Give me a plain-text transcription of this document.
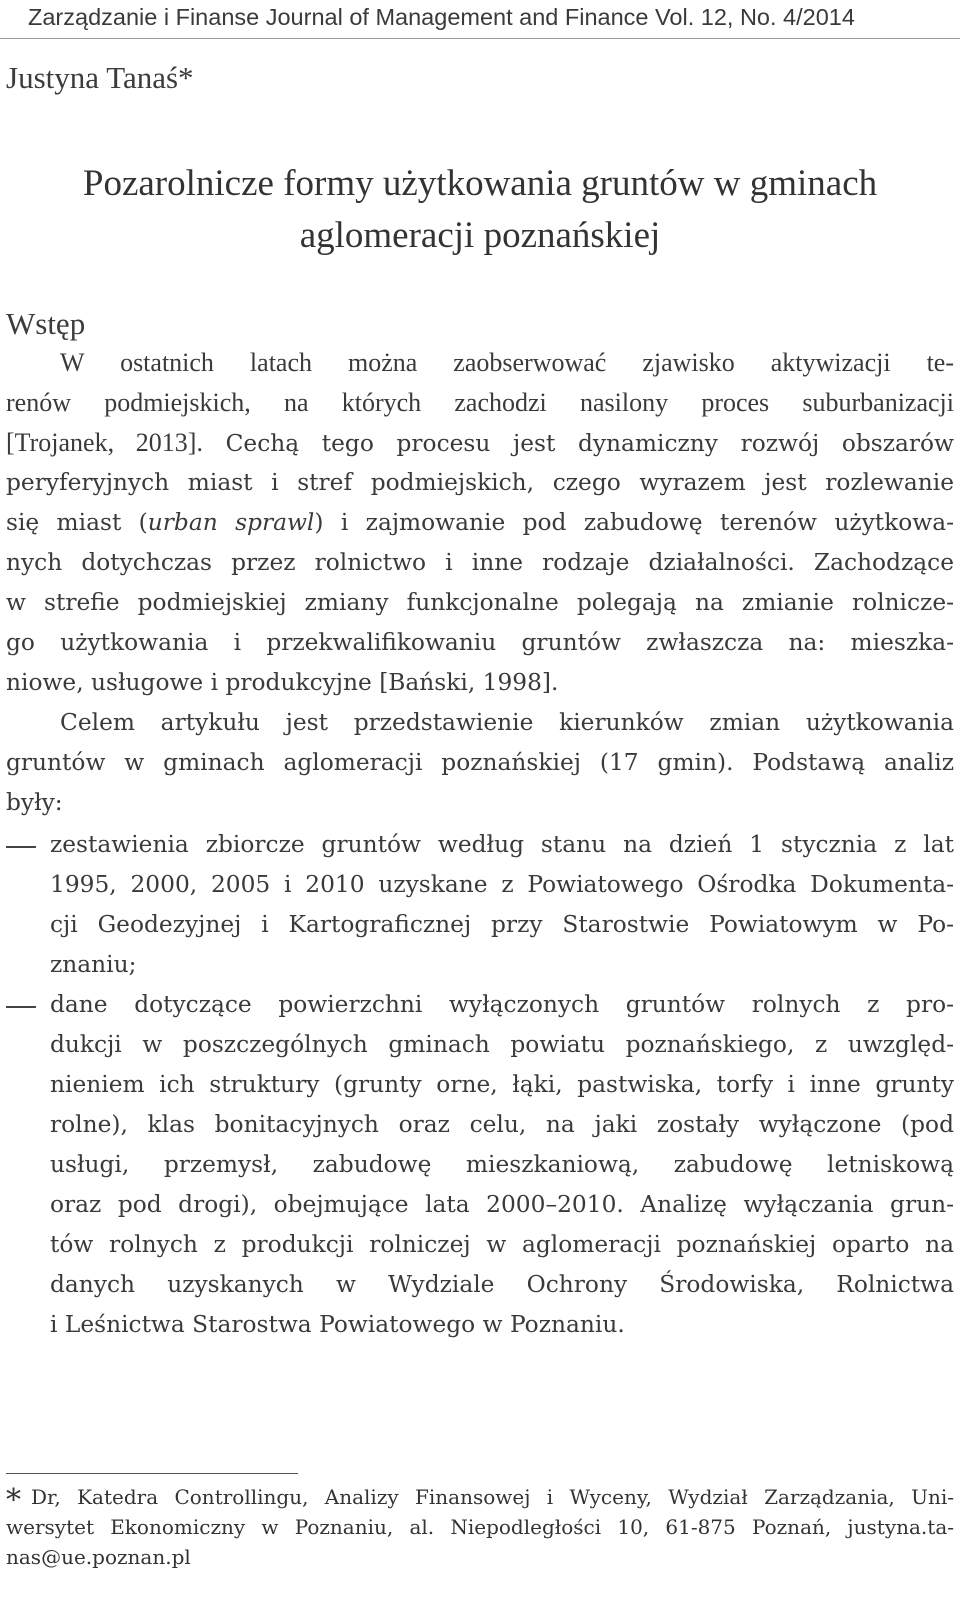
Zarządzanie i Finanse Journal of Management and Finance Vol. 12, No. 4/2014
Justyna Tanaś*
Pozarolnicze formy użytkowania gruntów w gminach
aglomeracji poznańskiej
Wstęp
W ostatnich latach można zaobserwować zjawisko aktywizacji te-
renów podmiejskich, na których zachodzi nasilony proces suburbanizacji
[Trojanek, 2013]. Cechą tego procesu jest dynamiczny rozwój obszarów
peryferyjnych miast i stref podmiejskich, czego wyrazem jest rozlewanie
się miast (urban sprawl) i zajmowanie pod zabudowę terenów użytkowa-
nych dotychczas przez rolnictwo i inne rodzaje działalności. Zachodzące
w strefie podmiejskiej zmiany funkcjonalne polegają na zmianie rolnicze-
go użytkowania i przekwalifikowaniu gruntów zwłaszcza na: mieszka-
niowe, usługowe i produkcyjne [Bański, 1998].
Celem artykułu jest przedstawienie kierunków zmian użytkowania
gruntów w gminach aglomeracji poznańskiej (17 gmin). Podstawą analiz
były:
zestawienia zbiorcze gruntów według stanu na dzień 1 stycznia z lat
1995, 2000, 2005 i 2010 uzyskane z Powiatowego Ośrodka Dokumenta-
cji Geodezyjnej i Kartograficznej przy Starostwie Powiatowym w Po-
znaniu;
dane dotyczące powierzchni wyłączonych gruntów rolnych z pro-
dukcji w poszczególnych gminach powiatu poznańskiego, z uwzględ-
nieniem ich struktury (grunty orne, łąki, pastwiska, torfy i inne grunty
rolne), klas bonitacyjnych oraz celu, na jaki zostały wyłączone (pod
usługi, przemysł, zabudowę mieszkaniową, zabudowę letniskową
oraz pod drogi), obejmujące lata 2000–2010. Analizę wyłączania grun-
tów rolnych z produkcji rolniczej w aglomeracji poznańskiej oparto na
danych uzyskanych w Wydziale Ochrony Środowiska, Rolnictwa
i Leśnictwa Starostwa Powiatowego w Poznaniu.
* Dr, Katedra Controllingu, Analizy Finansowej i Wyceny, Wydział Zarządzania, Uni-
wersytet Ekonomiczny w Poznaniu, al. Niepodległości 10, 61-875 Poznań, justyna.ta-
nas@ue.poznan.pl
